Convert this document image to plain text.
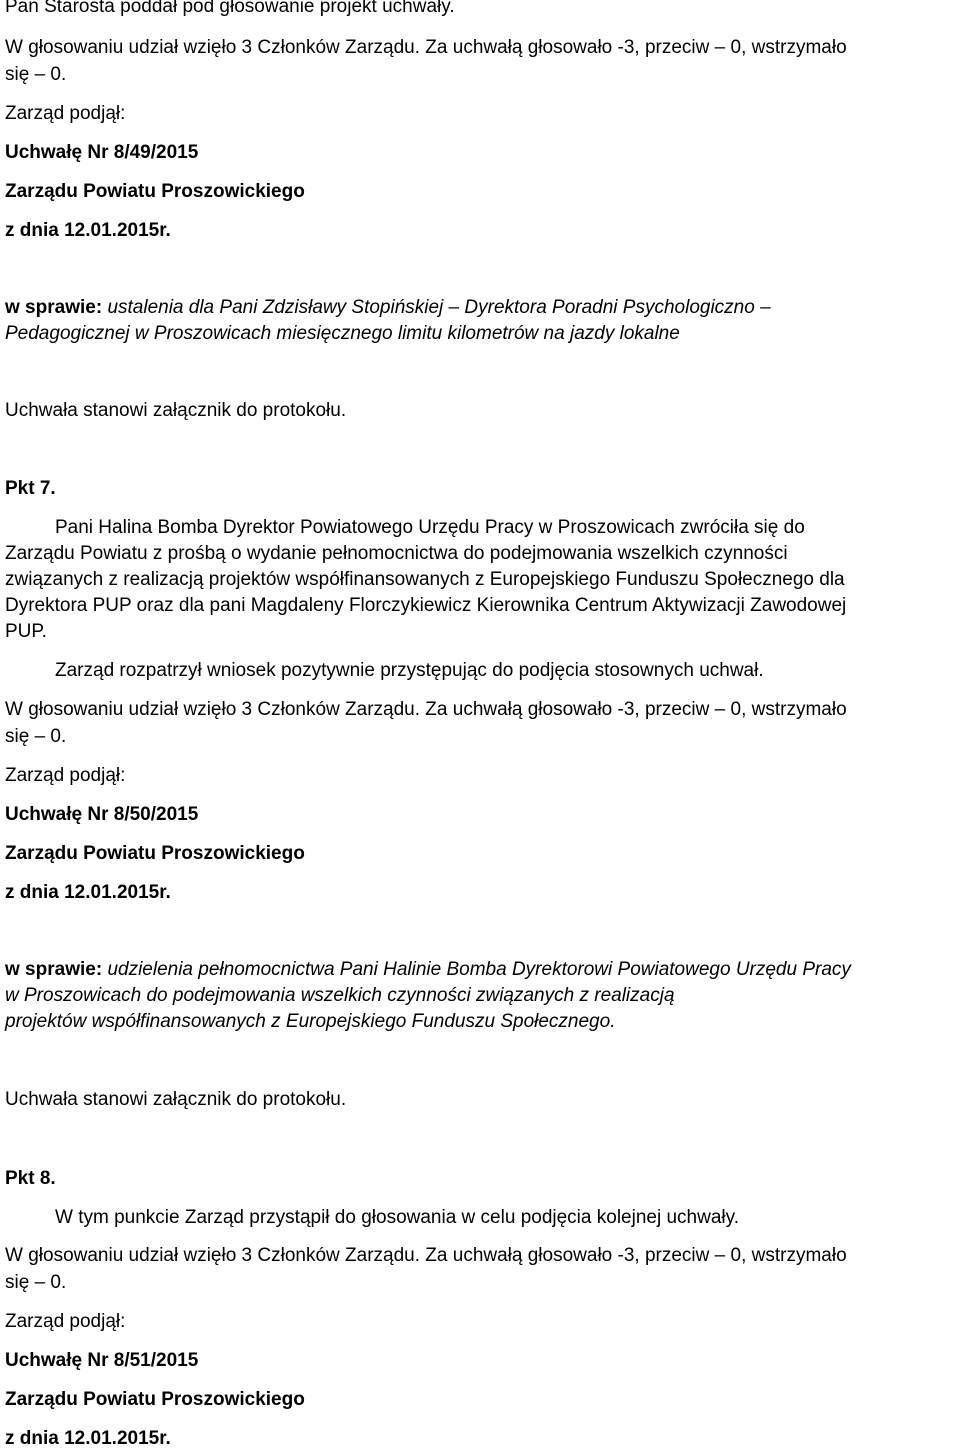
Pan Starosta poddał pod głosowanie projekt uchwały.

W głosowaniu udział wzięło 3 Członków Zarządu. Za uchwałą głosowało -3, przeciw – 0, wstrzymało

się – 0.

Zarząd podjął:

Uchwałę Nr 8/49/2015

Zarządu Powiatu Proszowickiego

z dnia 12.01.2015r.

w sprawie: ustalenia dla Pani Zdzisławy Stopińskiej – Dyrektora Poradni Psychologiczno –

Pedagogicznej w Proszowicach miesięcznego limitu kilometrów na jazdy lokalne

Uchwała stanowi załącznik do protokołu.

Pkt 7.

Pani Halina Bomba Dyrektor Powiatowego Urzędu Pracy w Proszowicach zwróciła się do

Zarządu Powiatu z prośbą o wydanie pełnomocnictwa do podejmowania wszelkich czynności

związanych z realizacją projektów współfinansowanych z Europejskiego Funduszu Społecznego dla

Dyrektora PUP oraz dla pani Magdaleny Florczykiewicz Kierownika Centrum Aktywizacji Zawodowej

PUP.

Zarząd rozpatrzył wniosek pozytywnie przystępując do podjęcia stosownych uchwał.

W głosowaniu udział wzięło 3 Członków Zarządu. Za uchwałą głosowało -3, przeciw – 0, wstrzymało

się – 0.

Zarząd podjął:

Uchwałę Nr 8/50/2015

Zarządu Powiatu Proszowickiego

z dnia 12.01.2015r.

w sprawie: udzielenia pełnomocnictwa Pani Halinie Bomba Dyrektorowi Powiatowego Urzędu Pracy

w Proszowicach do podejmowania wszelkich czynności związanych z realizacją

projektów współfinansowanych z Europejskiego Funduszu Społecznego.

Uchwała stanowi załącznik do protokołu.

Pkt 8.

W tym punkcie Zarząd przystąpił do głosowania w celu podjęcia kolejnej uchwały.

W głosowaniu udział wzięło 3 Członków Zarządu. Za uchwałą głosowało -3, przeciw – 0, wstrzymało

się – 0.

Zarząd podjął:

Uchwałę Nr 8/51/2015

Zarządu Powiatu Proszowickiego

z dnia 12.01.2015r.
